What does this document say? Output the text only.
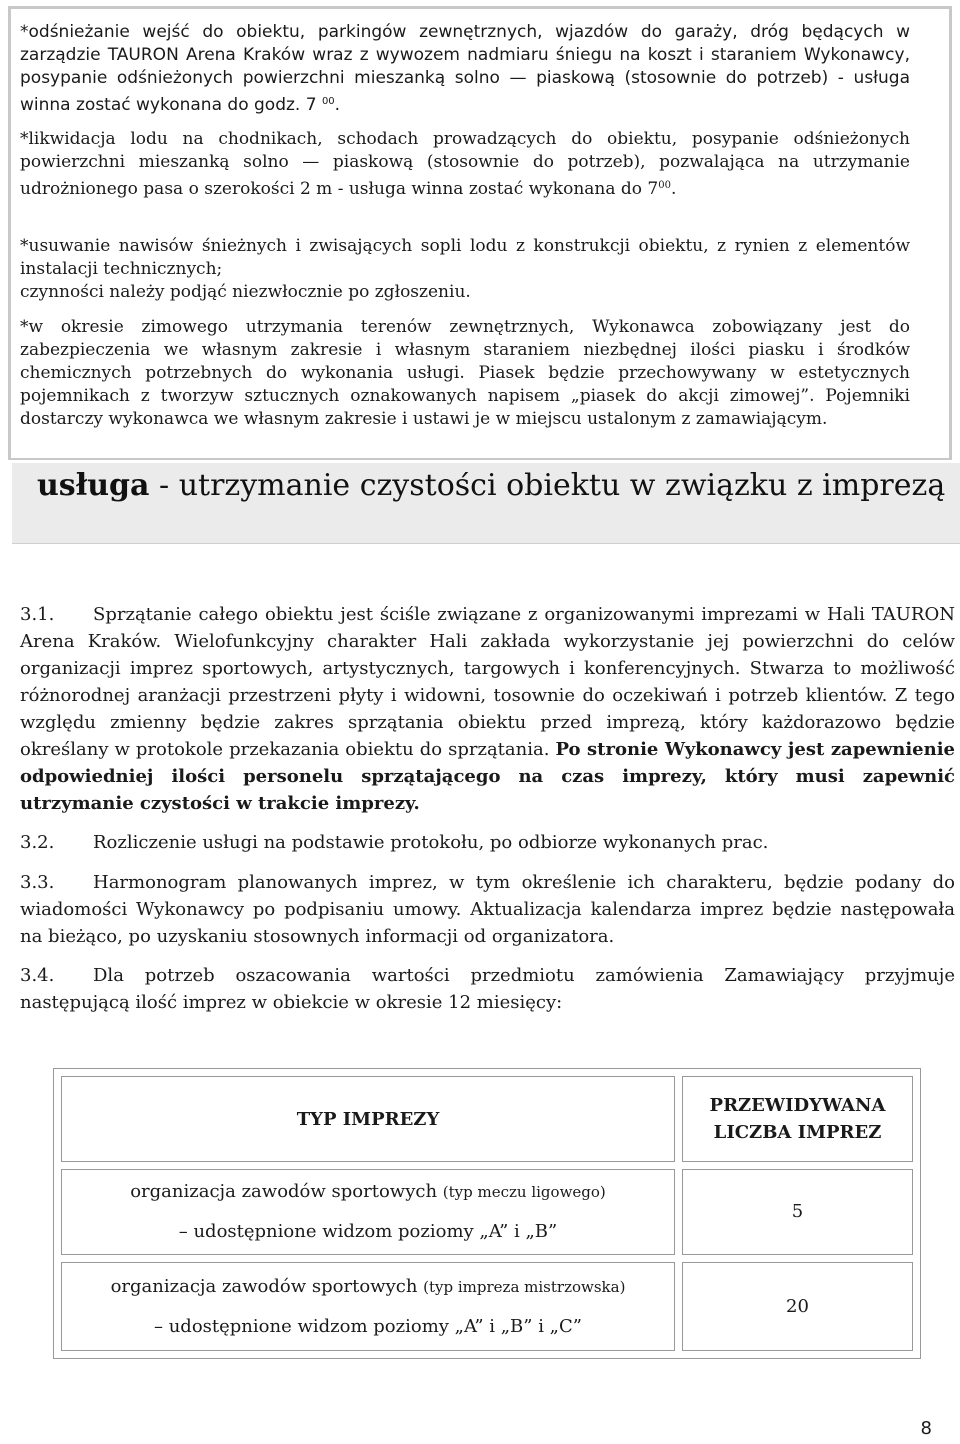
*odśnieżanie wejść do obiektu, parkingów zewnętrznych, wjazdów do garaży, dróg będących w zarządzie TAURON Arena Kraków wraz z wywozem nadmiaru śniegu na koszt i staraniem Wykonawcy, posypanie odśnieżonych powierzchni mieszanką solno — piaskową (stosownie do potrzeb) - usługa winna zostać wykonana do godz. 7 $^{00}$.

*likwidacja lodu na chodnikach, schodach prowadzących do obiektu, posypanie odśnieżonych powierzchni mieszanką solno — piaskową (stosownie do potrzeb), pozwalająca na utrzymanie udrożnionego pasa o szerokości 2 m - usługa winna zostać wykonana do $7^{00}$.

*usuwanie nawisów śnieżnych i zwisających sopli lodu z konstrukcji obiektu, z rynien z elementów instalacji technicznych;
czynności należy podjąć niezwłocznie po zgłoszeniu.

*w okresie zimowego utrzymania terenów zewnętrznych, Wykonawca zobowiązany jest do zabezpieczenia we własnym zakresie i własnym staraniem niezbędnej ilości piasku i środków chemicznych potrzebnych do wykonania usługi. Piasek będzie przechowywany w estetycznych pojemnikach z tworzyw sztucznych oznakowanych napisem „piasek do akcji zimowej”. Pojemniki dostarczy wykonawca we własnym zakresie i ustawi je w miejscu ustalonym z zamawiającym.

usługa - utrzymanie czystości obiektu w związku z imprezą

3.1. Sprzątanie całego obiektu jest ściśle związane z organizowanymi imprezami w Hali TAURON Arena Kraków. Wielofunkcyjny charakter Hali zakłada wykorzystanie jej powierzchni do celów organizacji imprez sportowych, artystycznych, targowych i konferencyjnych. Stwarza to możliwość różnorodnej aranżacji przestrzeni płyty i widowni, tosownie do oczekiwań i potrzeb klientów. Z tego względu zmienny będzie zakres sprzątania obiektu przed imprezą, który każdorazowo będzie określany w protokole przekazania obiektu do sprzątania. Po stronie Wykonawcy jest zapewnienie odpowiedniej ilości personelu sprzątającego na czas imprezy, który musi zapewnić utrzymanie czystości w trakcie imprezy.

3.2. Rozliczenie usługi na podstawie protokołu, po odbiorze wykonanych prac.

3.3. Harmonogram planowanych imprez, w tym określenie ich charakteru, będzie podany do wiadomości Wykonawcy po podpisaniu umowy. Aktualizacja kalendarza imprez będzie następowała na bieżąco, po uzyskaniu stosownych informacji od organizatora.

3.4. Dla potrzeb oszacowania wartości przedmiotu zamówienia Zamawiający przyjmuje następującą ilość imprez w obiekcie w okresie 12 miesięcy:

TYP IMPREZY	PRZEWIDYWANA
LICZBA IMPREZ
organizacja zawodów sportowych (typ meczu ligowego)
– udostępnione widzom poziomy „A” i „B”	5
organizacja zawodów sportowych (typ impreza mistrzowska)
– udostępnione widzom poziomy „A” i „B” i „C”	20
8
